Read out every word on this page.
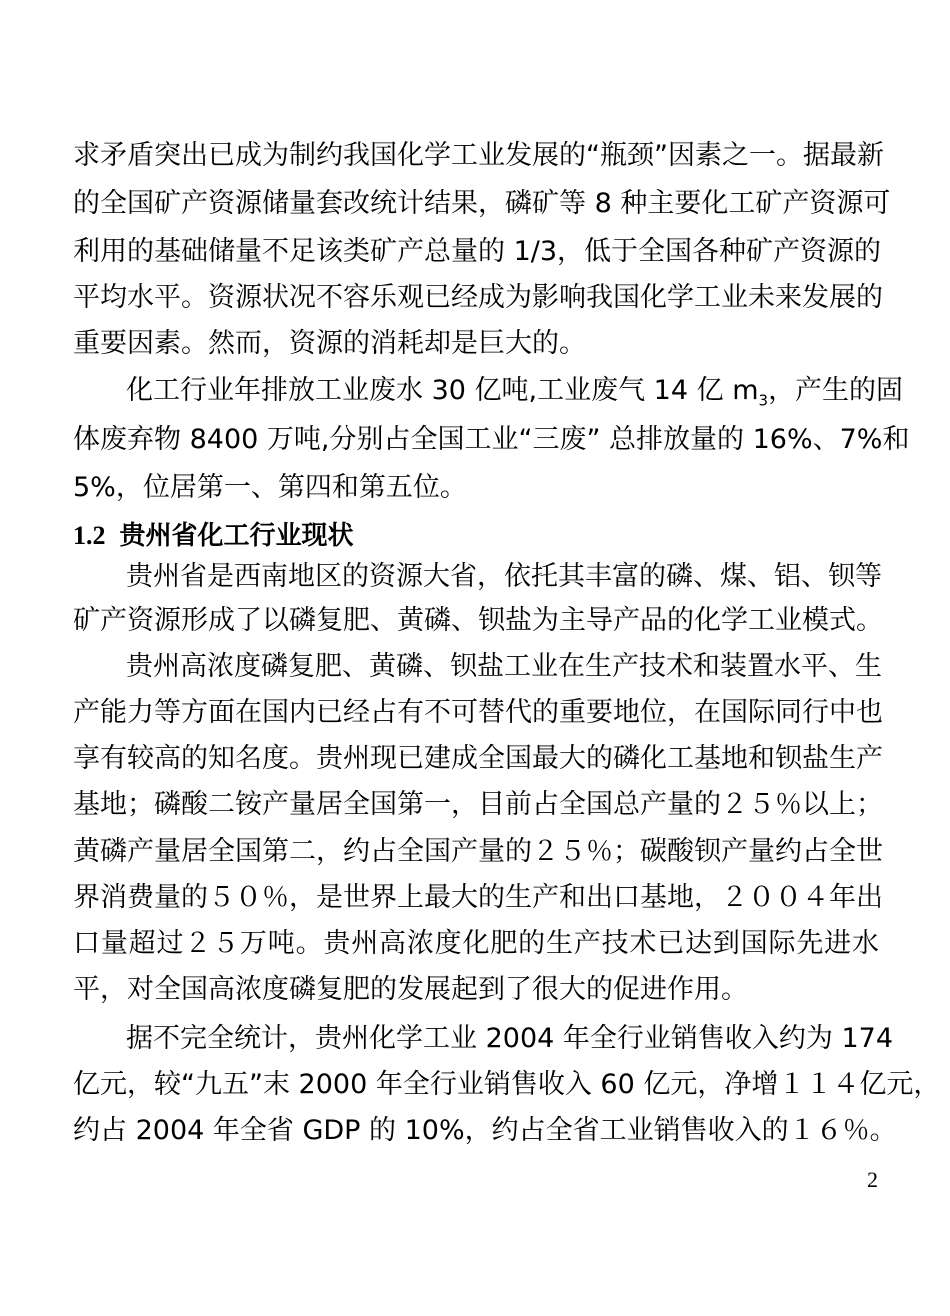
求矛盾突出已成为制约我国化学工业发展的“瓶颈”因素之一。据最新
的全国矿产资源储量套改统计结果，磷矿等 8 种主要化工矿产资源可
利用的基础储量不足该类矿产总量的 1/3，低于全国各种矿产资源的
平均水平。资源状况不容乐观已经成为影响我国化学工业未来发展的
重要因素。然而，资源的消耗却是巨大的。
化工行业年排放工业废水 30 亿吨,工业废气 14 亿 $m_3$，产生的固
体废弃物 8400 万吨,分别占全国工业“三废” 总排放量的 16%、7%和
5%，位居第一、第四和第五位。
1.2 贵州省化工行业现状
贵州省是西南地区的资源大省，依托其丰富的磷、煤、铝、钡等
矿产资源形成了以磷复肥、黄磷、钡盐为主导产品的化学工业模式。
贵州高浓度磷复肥、黄磷、钡盐工业在生产技术和装置水平、生
产能力等方面在国内已经占有不可替代的重要地位，在国际同行中也
享有较高的知名度。贵州现已建成全国最大的磷化工基地和钡盐生产
基地；磷酸二铵产量居全国第一，目前占全国总产量的２５％以上；
黄磷产量居全国第二，约占全国产量的２５％；碳酸钡产量约占全世
界消费量的５０％，是世界上最大的生产和出口基地，２００４年出
口量超过２５万吨。贵州高浓度化肥的生产技术已达到国际先进水
平，对全国高浓度磷复肥的发展起到了很大的促进作用。
据不完全统计，贵州化学工业 2004 年全行业销售收入约为 174
亿元，较“九五”末 2000 年全行业销售收入 60 亿元，净增１１４亿元，
约占 2004 年全省 GDP 的 10%，约占全省工业销售收入的１６％。
2
